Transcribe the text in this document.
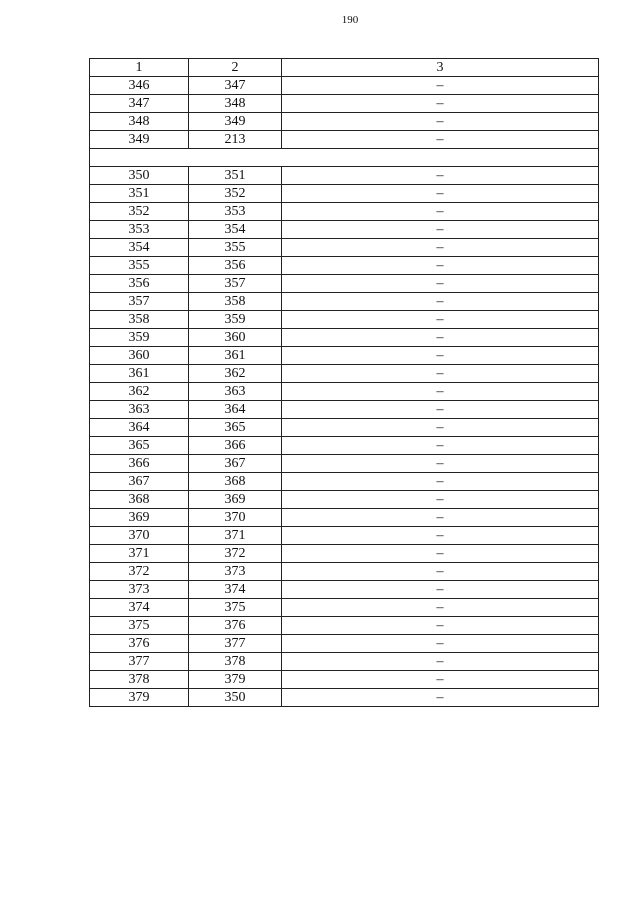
190
1	2	3
346	347	–
347	348	–
348	349	–
349	213	–

350	351	–
351	352	–
352	353	–
353	354	–
354	355	–
355	356	–
356	357	–
357	358	–
358	359	–
359	360	–
360	361	–
361	362	–
362	363	–
363	364	–
364	365	–
365	366	–
366	367	–
367	368	–
368	369	–
369	370	–
370	371	–
371	372	–
372	373	–
373	374	–
374	375	–
375	376	–
376	377	–
377	378	–
378	379	–
379	350	–
